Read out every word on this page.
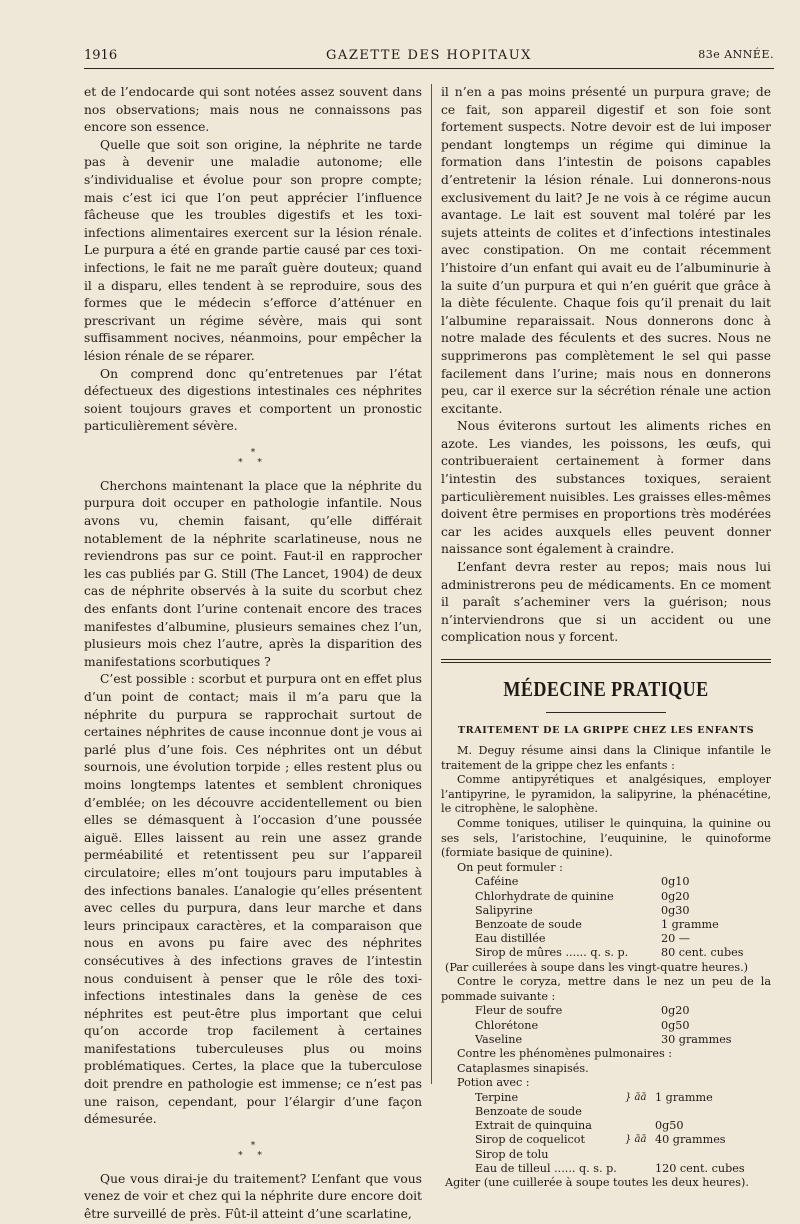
1916	GAZETTE DES HOPITAUX	83e ANNÉE.

et de l’endocarde qui sont notées assez souvent dans nos observations; mais nous ne connaissons pas encore son essence.

Quelle que soit son origine, la néphrite ne tarde pas à devenir une maladie autonome; elle s’individualise et évolue pour son propre compte; mais c’est ici que l’on peut apprécier l’influence fâcheuse que les troubles digestifs et les toxi-infections alimentaires exercent sur la lésion rénale. Le purpura a été en grande partie causé par ces toxi-infections, le fait ne me paraît guère douteux; quand il a disparu, elles tendent à se reproduire, sous des formes que le médecin s’efforce d’atténuer en prescrivant un régime sévère, mais qui sont suffisamment nocives, néanmoins, pour empêcher la lésion rénale de se réparer.

On comprend donc qu’entretenues par l’état défectueux des digestions intestinales ces néphrites soient toujours graves et comportent un pronostic particulièrement sévère.

*
* *

Cherchons maintenant la place que la néphrite du purpura doit occuper en pathologie infantile. Nous avons vu, chemin faisant, qu’elle différait notablement de la néphrite scarlatineuse, nous ne reviendrons pas sur ce point. Faut-il en rapprocher les cas publiés par G. Still (The Lancet, 1904) de deux cas de néphrite observés à la suite du scorbut chez des enfants dont l’urine contenait encore des traces manifestes d’albumine, plusieurs semaines chez l’un, plusieurs mois chez l’autre, après la disparition des manifestations scorbutiques ?

C’est possible : scorbut et purpura ont en effet plus d’un point de contact; mais il m’a paru que la néphrite du purpura se rapprochait surtout de certaines néphrites de cause inconnue dont je vous ai parlé plus d’une fois. Ces néphrites ont un début sournois, une évolution torpide ; elles restent plus ou moins longtemps latentes et semblent chroniques d’emblée; on les découvre accidentellement ou bien elles se démasquent à l’occasion d’une poussée aiguë. Elles laissent au rein une assez grande perméabilité et retentissent peu sur l’appareil circulatoire; elles m’ont toujours paru imputables à des infections banales. L’analogie qu’elles présentent avec celles du purpura, dans leur marche et dans leurs principaux caractères, et la comparaison que nous en avons pu faire avec des néphrites consécutives à des infections graves de l’intestin nous conduisent à penser que le rôle des toxi-infections intestinales dans la genèse de ces néphrites est peut-être plus important que celui qu’on accorde trop facilement à certaines manifestations tuberculeuses plus ou moins problématiques. Certes, la place que la tuberculose doit prendre en pathologie est immense; ce n’est pas une raison, cependant, pour l’élargir d’une façon démesurée.

*
* *

Que vous dirai-je du traitement? L’enfant que vous venez de voir et chez qui la néphrite dure encore doit être surveillé de près. Fût-il atteint d’une scarlatine,

il n’en a pas moins présenté un purpura grave; de ce fait, son appareil digestif et son foie sont fortement suspects. Notre devoir est de lui imposer pendant longtemps un régime qui diminue la formation dans l’intestin de poisons capables d’entretenir la lésion rénale. Lui donnerons-nous exclusivement du lait? Je ne vois à ce régime aucun avantage. Le lait est souvent mal toléré par les sujets atteints de colites et d’infections intestinales avec constipation. On me contait récemment l’histoire d’un enfant qui avait eu de l’albuminurie à la suite d’un purpura et qui n’en guérit que grâce à la diète féculente. Chaque fois qu’il prenait du lait l’albumine reparaissait. Nous donnerons donc à notre malade des féculents et des sucres. Nous ne supprimerons pas complètement le sel qui passe facilement dans l’urine; mais nous en donnerons peu, car il exerce sur la sécrétion rénale une action excitante.

Nous éviterons surtout les aliments riches en azote. Les viandes, les poissons, les œufs, qui contribueraient certainement à former dans l’intestin des substances toxiques, seraient particulièrement nuisibles. Les graisses elles-mêmes doivent être permises en proportions très modérées car les acides auxquels elles peuvent donner naissance sont également à craindre.

L’enfant devra rester au repos; mais nous lui administrerons peu de médicaments. En ce moment il paraît s’acheminer vers la guérison; nous n’interviendrons que si un accident ou une complication nous y forcent.

MÉDECINE PRATIQUE
TRAITEMENT DE LA GRIPPE CHEZ LES ENFANTS

M. Deguy résume ainsi dans la Clinique infantile le traitement de la grippe chez les enfants :

Comme antipyrétiques et analgésiques, employer l’antipyrine, le pyramidon, la salipyrine, la phénacétine, le citrophène, le salophène.

Comme toniques, utiliser le quinquina, la quinine ou ses sels, l’aristochine, l’euquinine, le quinoforme (formiate basique de quinine).

On peut formuler :
Caféine	0g10
Chlorhydrate de quinine	0g20
Salipyrine	0g30
Benzoate de soude	1 gramme
Eau distillée	20 —
Sirop de mûres ...... q. s. p.	80 cent. cubes
(Par cuillerées à soupe dans les vingt-quatre heures.)

Contre le coryza, mettre dans le nez un peu de la pommade suivante :

Fleur de soufre	0g20
Chlorétone	0g50
Vaseline	30 grammes
Contre les phénomènes pulmonaires :
Cataplasmes sinapisés.
Potion avec :
Terpine	} āā 1 gramme
Benzoate de soude
Extrait de quinquina	0g50
Sirop de coquelicot	} āā 40 grammes
Sirop de tolu
Eau de tilleul ...... q. s. p.	120 cent. cubes
Agiter (une cuillerée à soupe toutes les deux heures).
